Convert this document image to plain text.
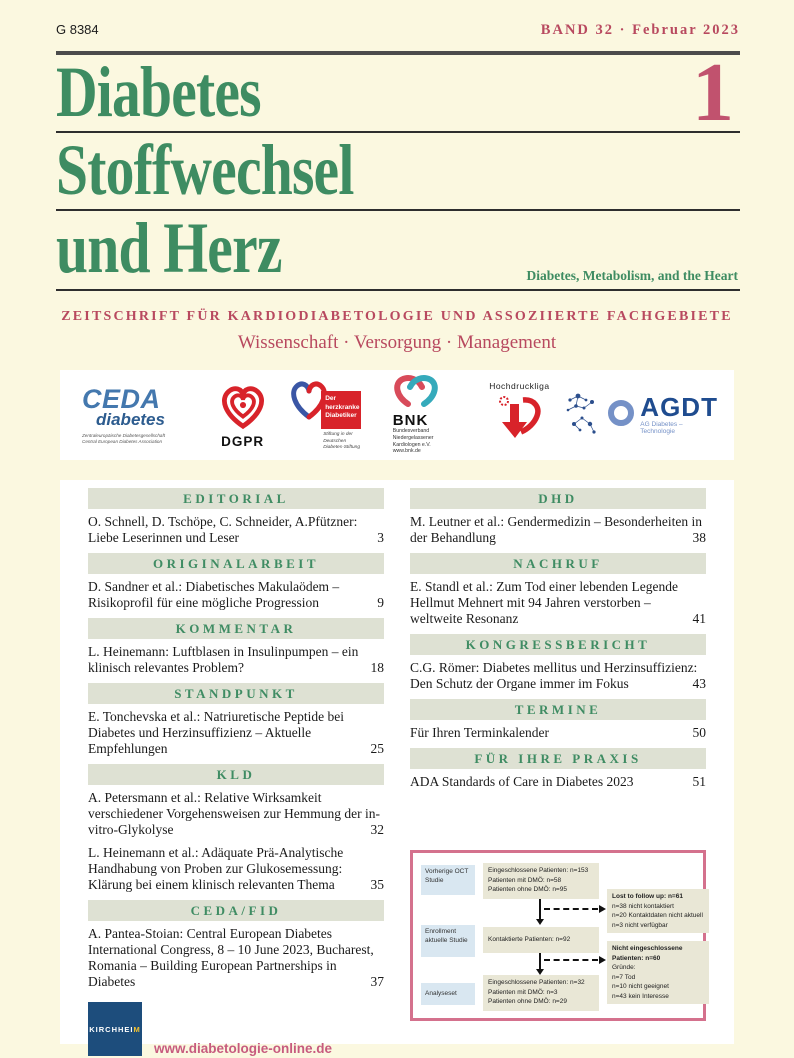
G 8384	BAND 32 · Februar 2023
Diabetes	1
Stoffwechsel
und Herz	Diabetes, Metabolism, and the Heart
ZEITSCHRIFT FÜR KARDIODIABETOLOGIE UND ASSOZIIERTE FACHGEBIETE
Wissenschaft · Versorgung · Management
CEDA
diabetes
Zentraleuropäische Diabetesgesellschaft
Central European Diabetes Association	DGPR
Der
herzkranke
Diabetiker
Stiftung in der
Deutschen
Diabetes-Stiftung
BNK
Bundesverband
Niedergelassener
Kardiologen e.V.
www.bnk.de
Hochdruckliga
AGDT
AG Diabetes – Technologie
EDITORIAL
O. Schnell, D. Tschöpe, C. Schneider, A.Pfützner: Liebe Leserinnen und Leser	3
ORIGINALARBEIT
D. Sandner et al.: Diabetisches Makulaödem – Risikoprofil für eine mögliche Progression	9
KOMMENTAR
L. Heinemann: Luftblasen in Insulinpumpen – ein klinisch relevantes Problem?	18
STANDPUNKT
E. Tonchevska et al.: Natriuretische Peptide bei Diabetes und Herzinsuffizienz – Aktuelle Empfehlungen	25
KLD
A. Petersmann et al.: Relative Wirksamkeit verschiedener Vorgehensweisen zur Hemmung der in-vitro-Glykolyse	32
L. Heinemann et al.: Adäquate Prä-Analytische Handhabung von Proben zur Glukosemessung: Klärung bei einem klinisch relevanten Thema	35
CEDA/FID
A. Pantea-Stoian: Central European Diabetes International Congress, 8 – 10 June 2023, Bucharest, Romania – Building European Partnerships in Diabetes	37
KIRCHHEIM
www.diabetologie-online.de
DHD
M. Leutner et al.: Gendermedizin – Besonderheiten in der Behandlung	38
NACHRUF
E. Standl et al.: Zum Tod einer lebenden Legende Hellmut Mehnert mit 94 Jahren verstorben – weltweite Resonanz	41
KONGRESSBERICHT
C.G. Römer: Diabetes mellitus und Herzinsuffizienz: Den Schutz der Organe immer im Fokus	43
TERMINE
Für Ihren Terminkalender	50
FÜR IHRE PRAXIS
ADA Standards of Care in Diabetes 2023	51
Vorherige OCT Studie
Eingeschlossene Patienten: n=153
Patienten mit DMÖ: n=58
Patienten ohne DMÖ: n=95
Lost to follow up: n=61
n=38 nicht kontaktiert
n=20 Kontaktdaten nicht aktuell
n=3 nicht verfügbar
Enrollment aktuelle Studie	Kontaktierte Patienten: n=92
Nicht eingeschlossene
Patienten: n=60
Gründe:
n=7 Tod
n=10 nicht geeignet
n=43 kein Interesse
Analyseset
Eingeschlossene Patienten: n=32
Patienten mit DMÖ: n=3
Patienten ohne DMÖ: n=29
